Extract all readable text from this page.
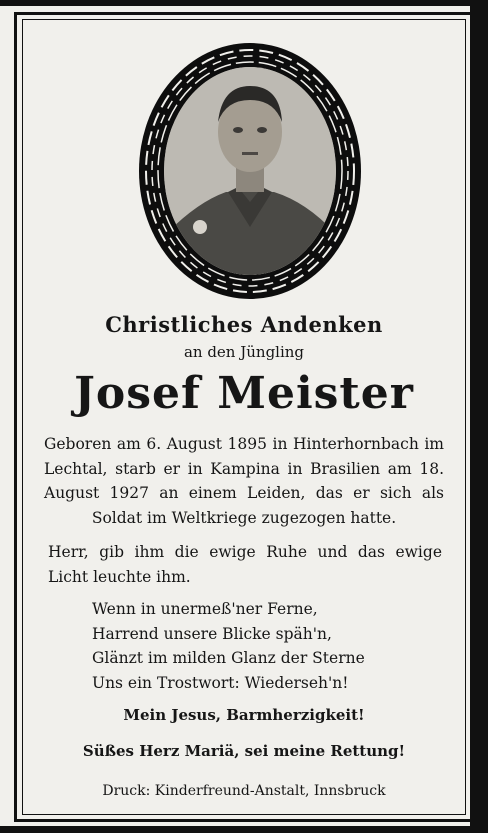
Christliches Andenken
an den Jüngling
Josef Meister
Geboren am 6. August 1895 in Hinterhornbach im Lechtal, starb er in Kampina in Brasilien am 18. August 1927 an einem Leiden, das er sich als Soldat im Weltkriege zugezogen hatte.
Herr, gib ihm die ewige Ruhe und das ewige Licht leuchte ihm.
Wenn in unermeß'ner Ferne,
Harrend unsere Blicke späh'n,
Glänzt im milden Glanz der Sterne
Uns ein Trostwort: Wiederseh'n!
Mein Jesus, Barmherzigkeit!
Süßes Herz Mariä, sei meine Rettung!
Druck: Kinderfreund-Anstalt, Innsbruck
